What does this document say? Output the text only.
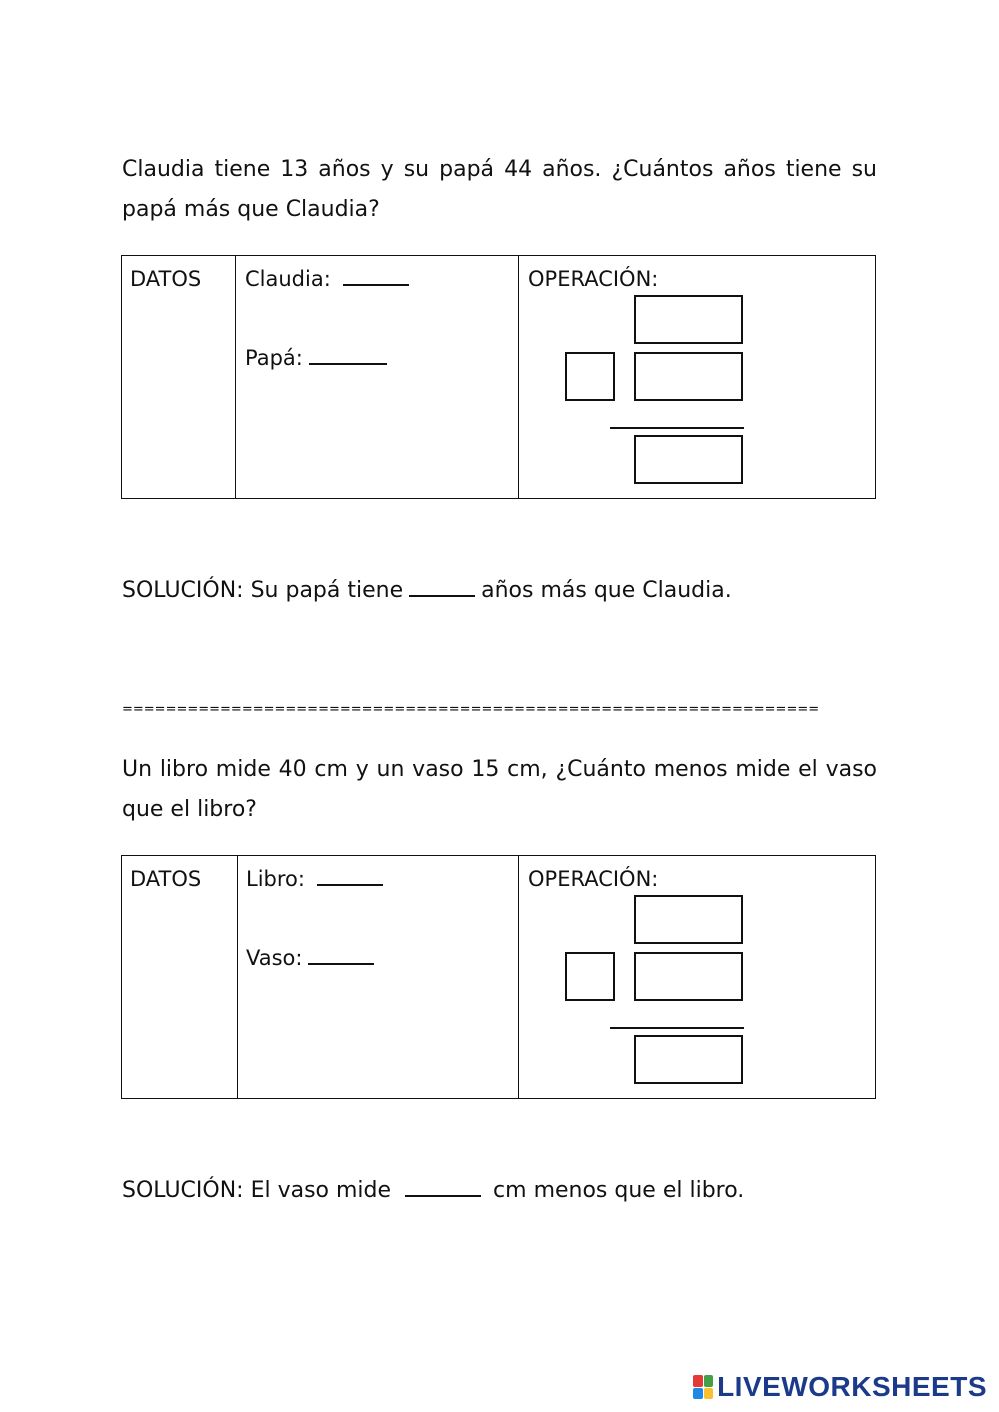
Claudia tiene 13 años y su papá 44 años. ¿Cuántos años tiene su papá más que Claudia?

DATOS Claudia:
Papá:
OPERACIÓN:
SOLUCIÓN: Su papá tiene	años más que Claudia.
================================================================

Un libro mide 40 cm y un vaso 15 cm, ¿Cuánto menos mide el vaso que el libro?

DATOS Libro:
Vaso:
OPERACIÓN:
SOLUCIÓN: El vaso mide	cm menos que el libro.
LIVEWORKSHEETS
